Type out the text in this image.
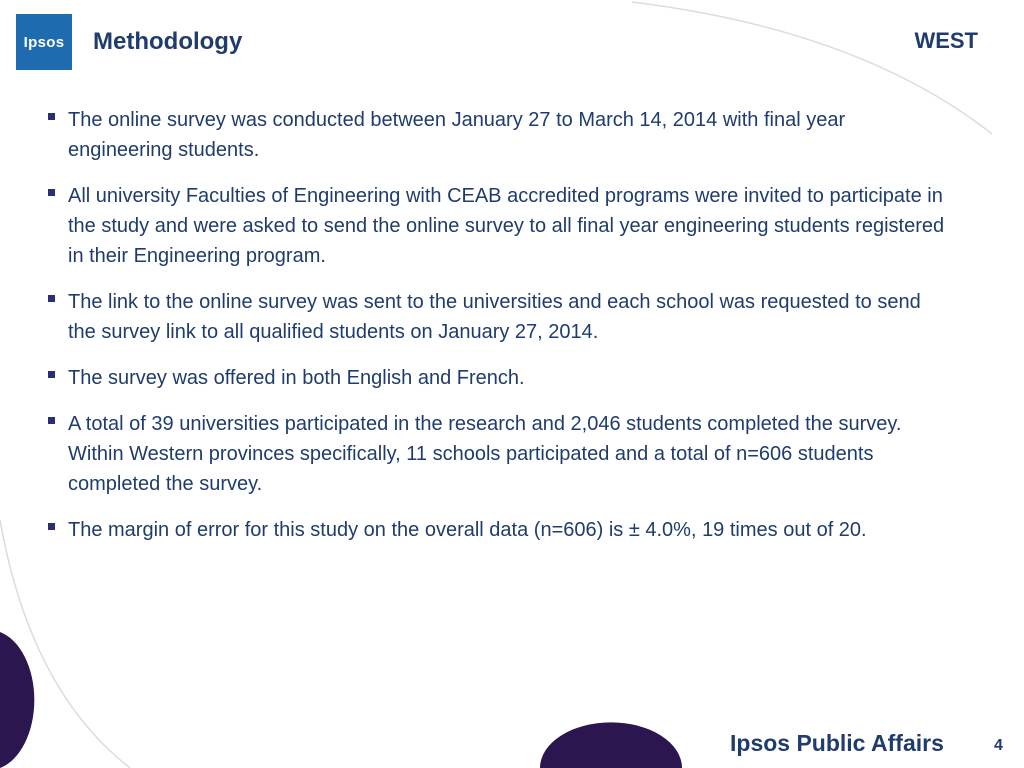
Ipsos Methodology	WEST
The online survey was conducted between January 27 to March 14, 2014 with final year engineering students.
All university Faculties of Engineering with CEAB accredited programs were invited to participate in the study and were asked to send the online survey to all final year engineering students registered in their Engineering program.
The link to the online survey was sent to the universities and each school was requested to send the survey link to all qualified students on January 27, 2014.
The survey was offered in both English and French.
A total of 39 universities participated in the research and 2,046 students completed the survey. Within Western provinces specifically, 11 schools participated and a total of n=606 students completed the survey.
The margin of error for this study on the overall data (n=606) is ± 4.0%, 19 times out of 20.
Ipsos Public Affairs	4
